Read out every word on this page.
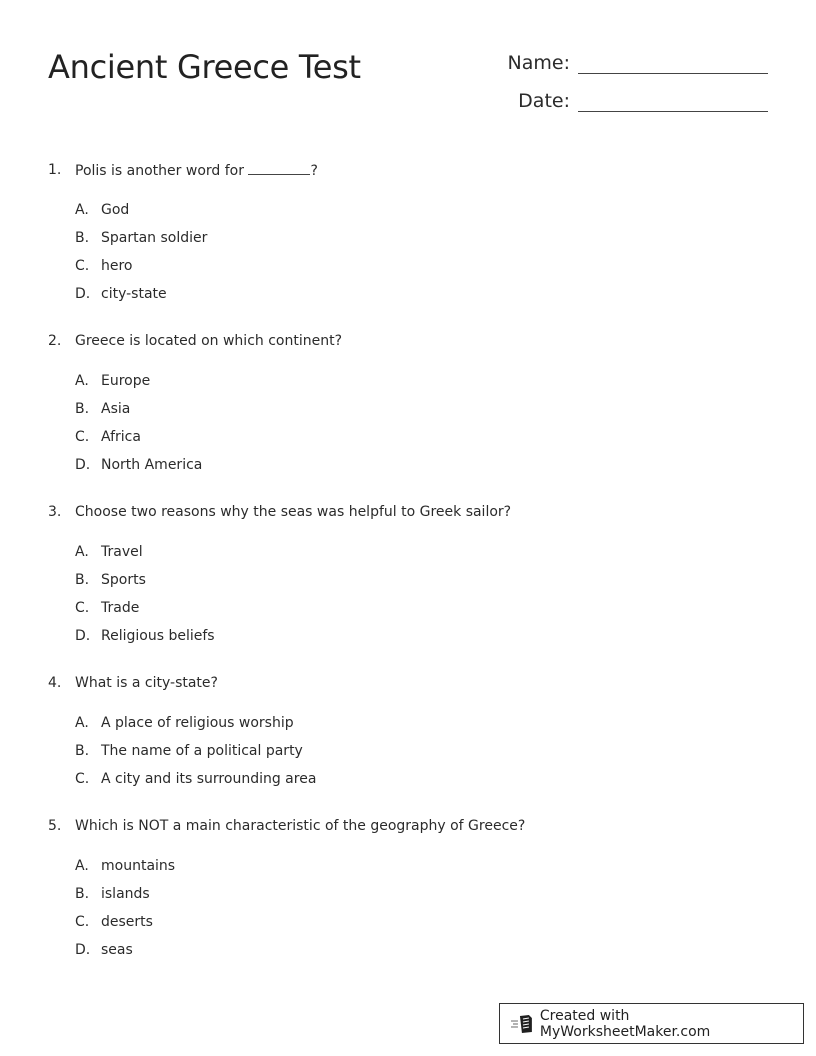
Ancient Greece Test	Name:
Date:
1. Polis is another word for	?
A. God
B. Spartan soldier
C. hero
D. city-state
2. Greece is located on which continent?
A. Europe
B. Asia
C. Africa
D. North America
3. Choose two reasons why the seas was helpful to Greek sailor?
A. Travel
B. Sports
C. Trade
D. Religious beliefs
4. What is a city-state?
A. A place of religious worship
B. The name of a political party
C. A city and its surrounding area
5. Which is NOT a main characteristic of the geography of Greece?
A. mountains
B. islands
C. deserts
D. seas
Created with MyWorksheetMaker.com
